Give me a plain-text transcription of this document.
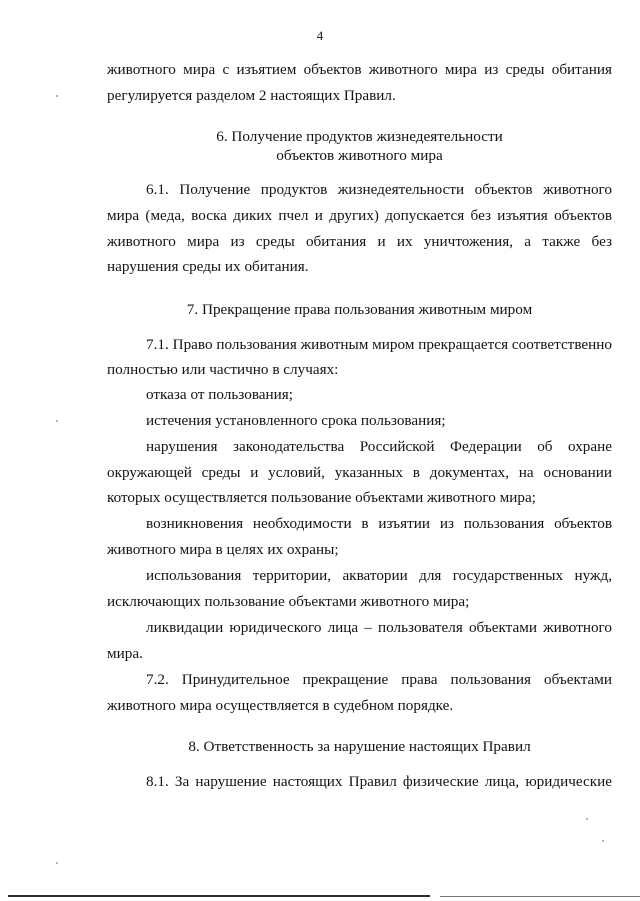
4
животного мира с изъятием объектов животного мира из среды обитания
регулируется разделом 2 настоящих Правил.
6. Получение продуктов жизнедеятельности
объектов животного мира
6.1. Получение продуктов жизнедеятельности объектов животного
мира (меда, воска диких пчел и других) допускается без изъятия объектов
животного мира из среды обитания и их уничтожения, а также без
нарушения среды их обитания.
7. Прекращение права пользования животным миром
7.1. Право пользования животным миром прекращается соответственно
полностью или частично в случаях:
отказа от пользования;
истечения установленного срока пользования;
нарушения законодательства Российской Федерации об охране
окружающей среды и условий, указанных в документах, на основании
которых осуществляется пользование объектами животного мира;
возникновения необходимости в изъятии из пользования объектов
животного мира в целях их охраны;
использования территории, акватории для государственных нужд,
исключающих пользование объектами животного мира;
ликвидации юридического лица – пользователя объектами животного
мира.
7.2. Принудительное прекращение права пользования объектами
животного мира осуществляется в судебном порядке.
8. Ответственность за нарушение настоящих Правил
8.1. За нарушение настоящих Правил физические лица, юридические
